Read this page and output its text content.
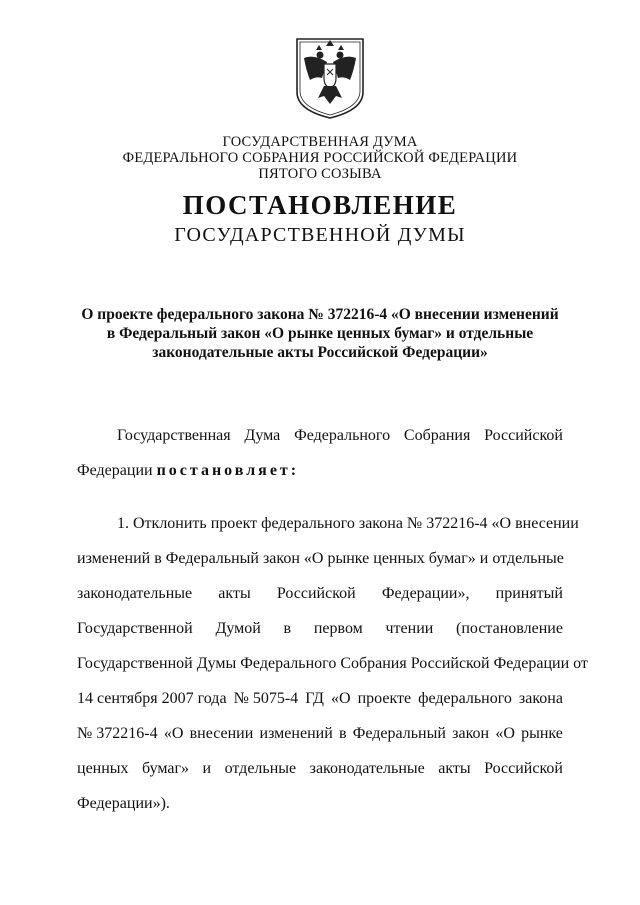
ГОСУДАРСТВЕННАЯ ДУМА
ФЕДЕРАЛЬНОГО СОБРАНИЯ РОССИЙСКОЙ ФЕДЕРАЦИИ
ПЯТОГО СОЗЫВА
ПОСТАНОВЛЕНИЕ
ГОСУДАРСТВЕННОЙ ДУМЫ
О проекте федерального закона № 372216-4 «О внесении изменений
в Федеральный закон «О рынке ценных бумаг» и отдельные
законодательные акты Российской Федерации»
Государственная Дума Федерального Собрания Российской
Федерации постановляет:
1. Отклонить проект федерального закона № 372216-4 «О внесении
изменений в Федеральный закон «О рынке ценных бумаг» и отдельные
законодательные акты Российской Федерации», принятый
Государственной Думой в первом чтении (постановление
Государственной Думы Федерального Собрания Российской Федерации от
14 сентября 2007 года № 5075-4 ГД «О проекте федерального закона
№ 372216-4 «О внесении изменений в Федеральный закон «О рынке
ценных бумаг» и отдельные законодательные акты Российской
Федерации»).
